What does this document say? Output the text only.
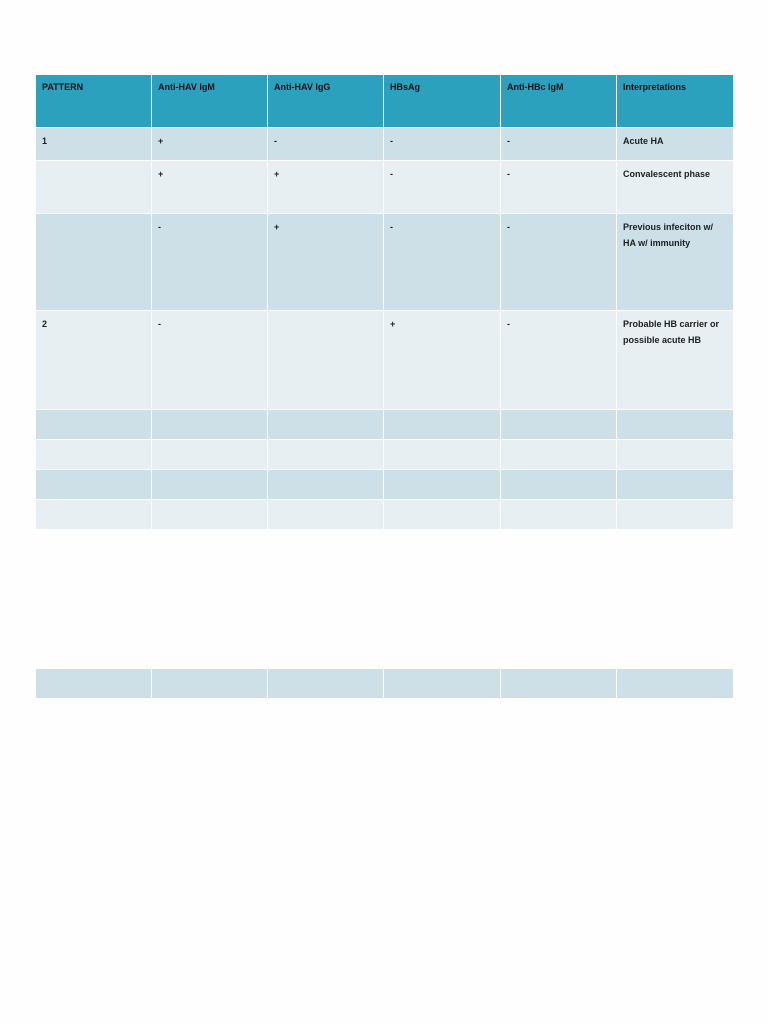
PATTERN	Anti-HAV IgM	Anti-HAV IgG	HBsAg	Anti-HBc IgM	Interpretations
1	+	-	-	-	Acute HA
	+	+	-	-	Convalescent phase
	-	+	-	-	Previous infeciton w/ HA w/ immunity
2	-		+	-	Probable HB carrier or possible acute HB
